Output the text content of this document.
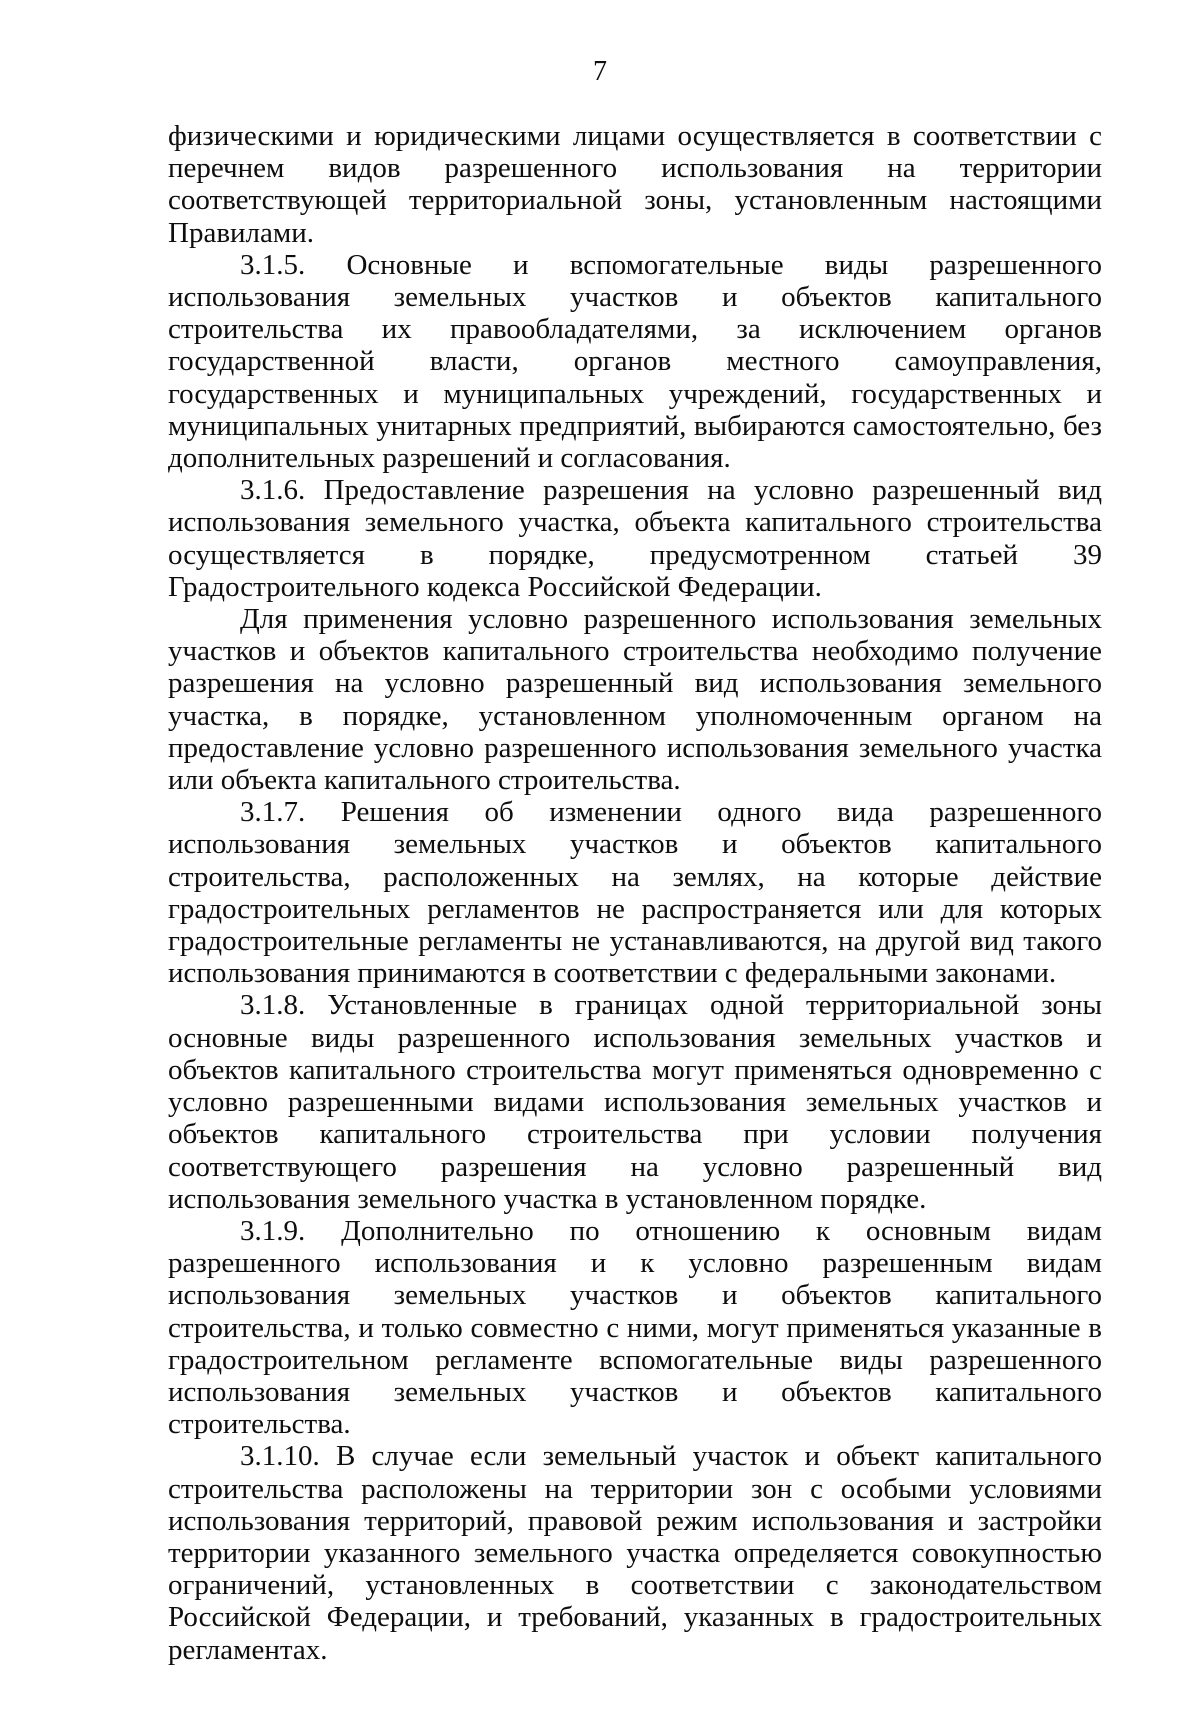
7

физическими и юридическими лицами осуществляется в соответствии с перечнем видов разрешенного использования на территории соответствующей территориальной зоны, установленным настоящими Правилами.

3.1.5. Основные и вспомогательные виды разрешенного использования земельных участков и объектов капитального строительства их правообладателями, за исключением органов государственной власти, органов местного самоуправления, государственных и муниципальных учреждений, государственных и муниципальных унитарных предприятий, выбираются самостоятельно, без дополнительных разрешений и согласования.

3.1.6. Предоставление разрешения на условно разрешенный вид использования земельного участка, объекта капитального строительства осуществляется в порядке, предусмотренном статьей 39 Градостроительного кодекса Российской Федерации.

Для применения условно разрешенного использования земельных участков и объектов капитального строительства необходимо получение разрешения на условно разрешенный вид использования земельного участка, в порядке, установленном уполномоченным органом на предоставление условно разрешенного использования земельного участка или объекта капитального строительства.

3.1.7. Решения об изменении одного вида разрешенного использования земельных участков и объектов капитального строительства, расположенных на землях, на которые действие градостроительных регламентов не распространяется или для которых градостроительные регламенты не устанавливаются, на другой вид такого использования принимаются в соответствии с федеральными законами.

3.1.8. Установленные в границах одной территориальной зоны основные виды разрешенного использования земельных участков и объектов капитального строительства могут применяться одновременно с условно разрешенными видами использования земельных участков и объектов капитального строительства при условии получения соответствующего разрешения на условно разрешенный вид использования земельного участка в установленном порядке.

3.1.9. Дополнительно по отношению к основным видам разрешенного использования и к условно разрешенным видам использования земельных участков и объектов капитального строительства, и только совместно с ними, могут применяться указанные в градостроительном регламенте вспомогательные виды разрешенного использования земельных участков и объектов капитального строительства.

3.1.10. В случае если земельный участок и объект капитального строительства расположены на территории зон с особыми условиями использования территорий, правовой режим использования и застройки территории указанного земельного участка определяется совокупностью ограничений, установленных в соответствии с законодательством Российской Федерации, и требований, указанных в градостроительных регламентах.
